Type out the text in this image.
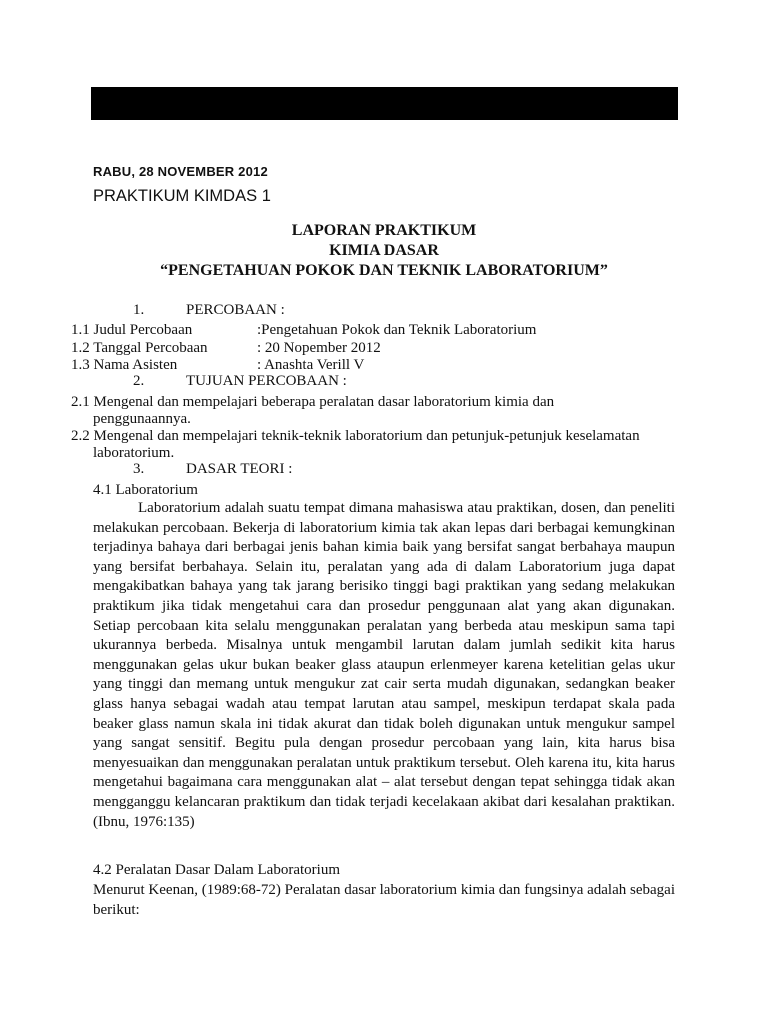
RABU, 28 NOVEMBER 2012
PRAKTIKUM KIMDAS 1
LAPORAN PRAKTIKUM
KIMIA DASAR
“PENGETAHUAN POKOK DAN TEKNIK LABORATORIUM”
1.	PERCOBAAN :
1.1 Judul Percobaan	:Pengetahuan Pokok dan Teknik Laboratorium
1.2 Tanggal Percobaan	: 20 Nopember 2012
1.3 Nama Asisten	: Anashta Verill V
2.	TUJUAN PERCOBAAN :
2.1 Mengenal dan mempelajari beberapa peralatan dasar laboratorium kimia dan
penggunaannya.
2.2 Mengenal dan mempelajari teknik-teknik laboratorium dan petunjuk-petunjuk keselamatan
laboratorium.
3.	DASAR TEORI :
4.1 Laboratorium
Laboratorium adalah suatu tempat dimana mahasiswa atau praktikan, dosen, dan peneliti melakukan percobaan. Bekerja di laboratorium kimia tak akan lepas dari berbagai kemungkinan terjadinya bahaya dari berbagai jenis bahan kimia baik yang bersifat sangat berbahaya maupun yang bersifat berbahaya. Selain itu, peralatan yang ada di dalam Laboratorium juga dapat mengakibatkan bahaya yang tak jarang berisiko tinggi bagi praktikan yang sedang melakukan praktikum jika tidak mengetahui cara dan prosedur penggunaan alat yang akan digunakan. Setiap percobaan kita selalu menggunakan peralatan yang berbeda atau meskipun sama tapi ukurannya berbeda. Misalnya untuk mengambil larutan dalam jumlah sedikit kita harus menggunakan gelas ukur bukan beaker glass ataupun erlenmeyer karena ketelitian gelas ukur yang tinggi dan memang untuk mengukur zat cair serta mudah digunakan, sedangkan beaker glass hanya sebagai wadah atau tempat larutan atau sampel, meskipun terdapat skala pada beaker glass namun skala ini tidak akurat dan tidak boleh digunakan untuk mengukur sampel yang sangat sensitif. Begitu pula dengan prosedur percobaan yang lain, kita harus bisa menyesuaikan dan menggunakan peralatan untuk praktikum tersebut. Oleh karena itu, kita harus mengetahui bagaimana cara menggunakan alat – alat tersebut dengan tepat sehingga tidak akan mengganggu kelancaran praktikum dan tidak terjadi kecelakaan akibat dari kesalahan praktikan. (Ibnu, 1976:135)
4.2 Peralatan Dasar Dalam Laboratorium
Menurut Keenan, (1989:68-72) Peralatan dasar laboratorium kimia dan fungsinya adalah sebagai berikut:
